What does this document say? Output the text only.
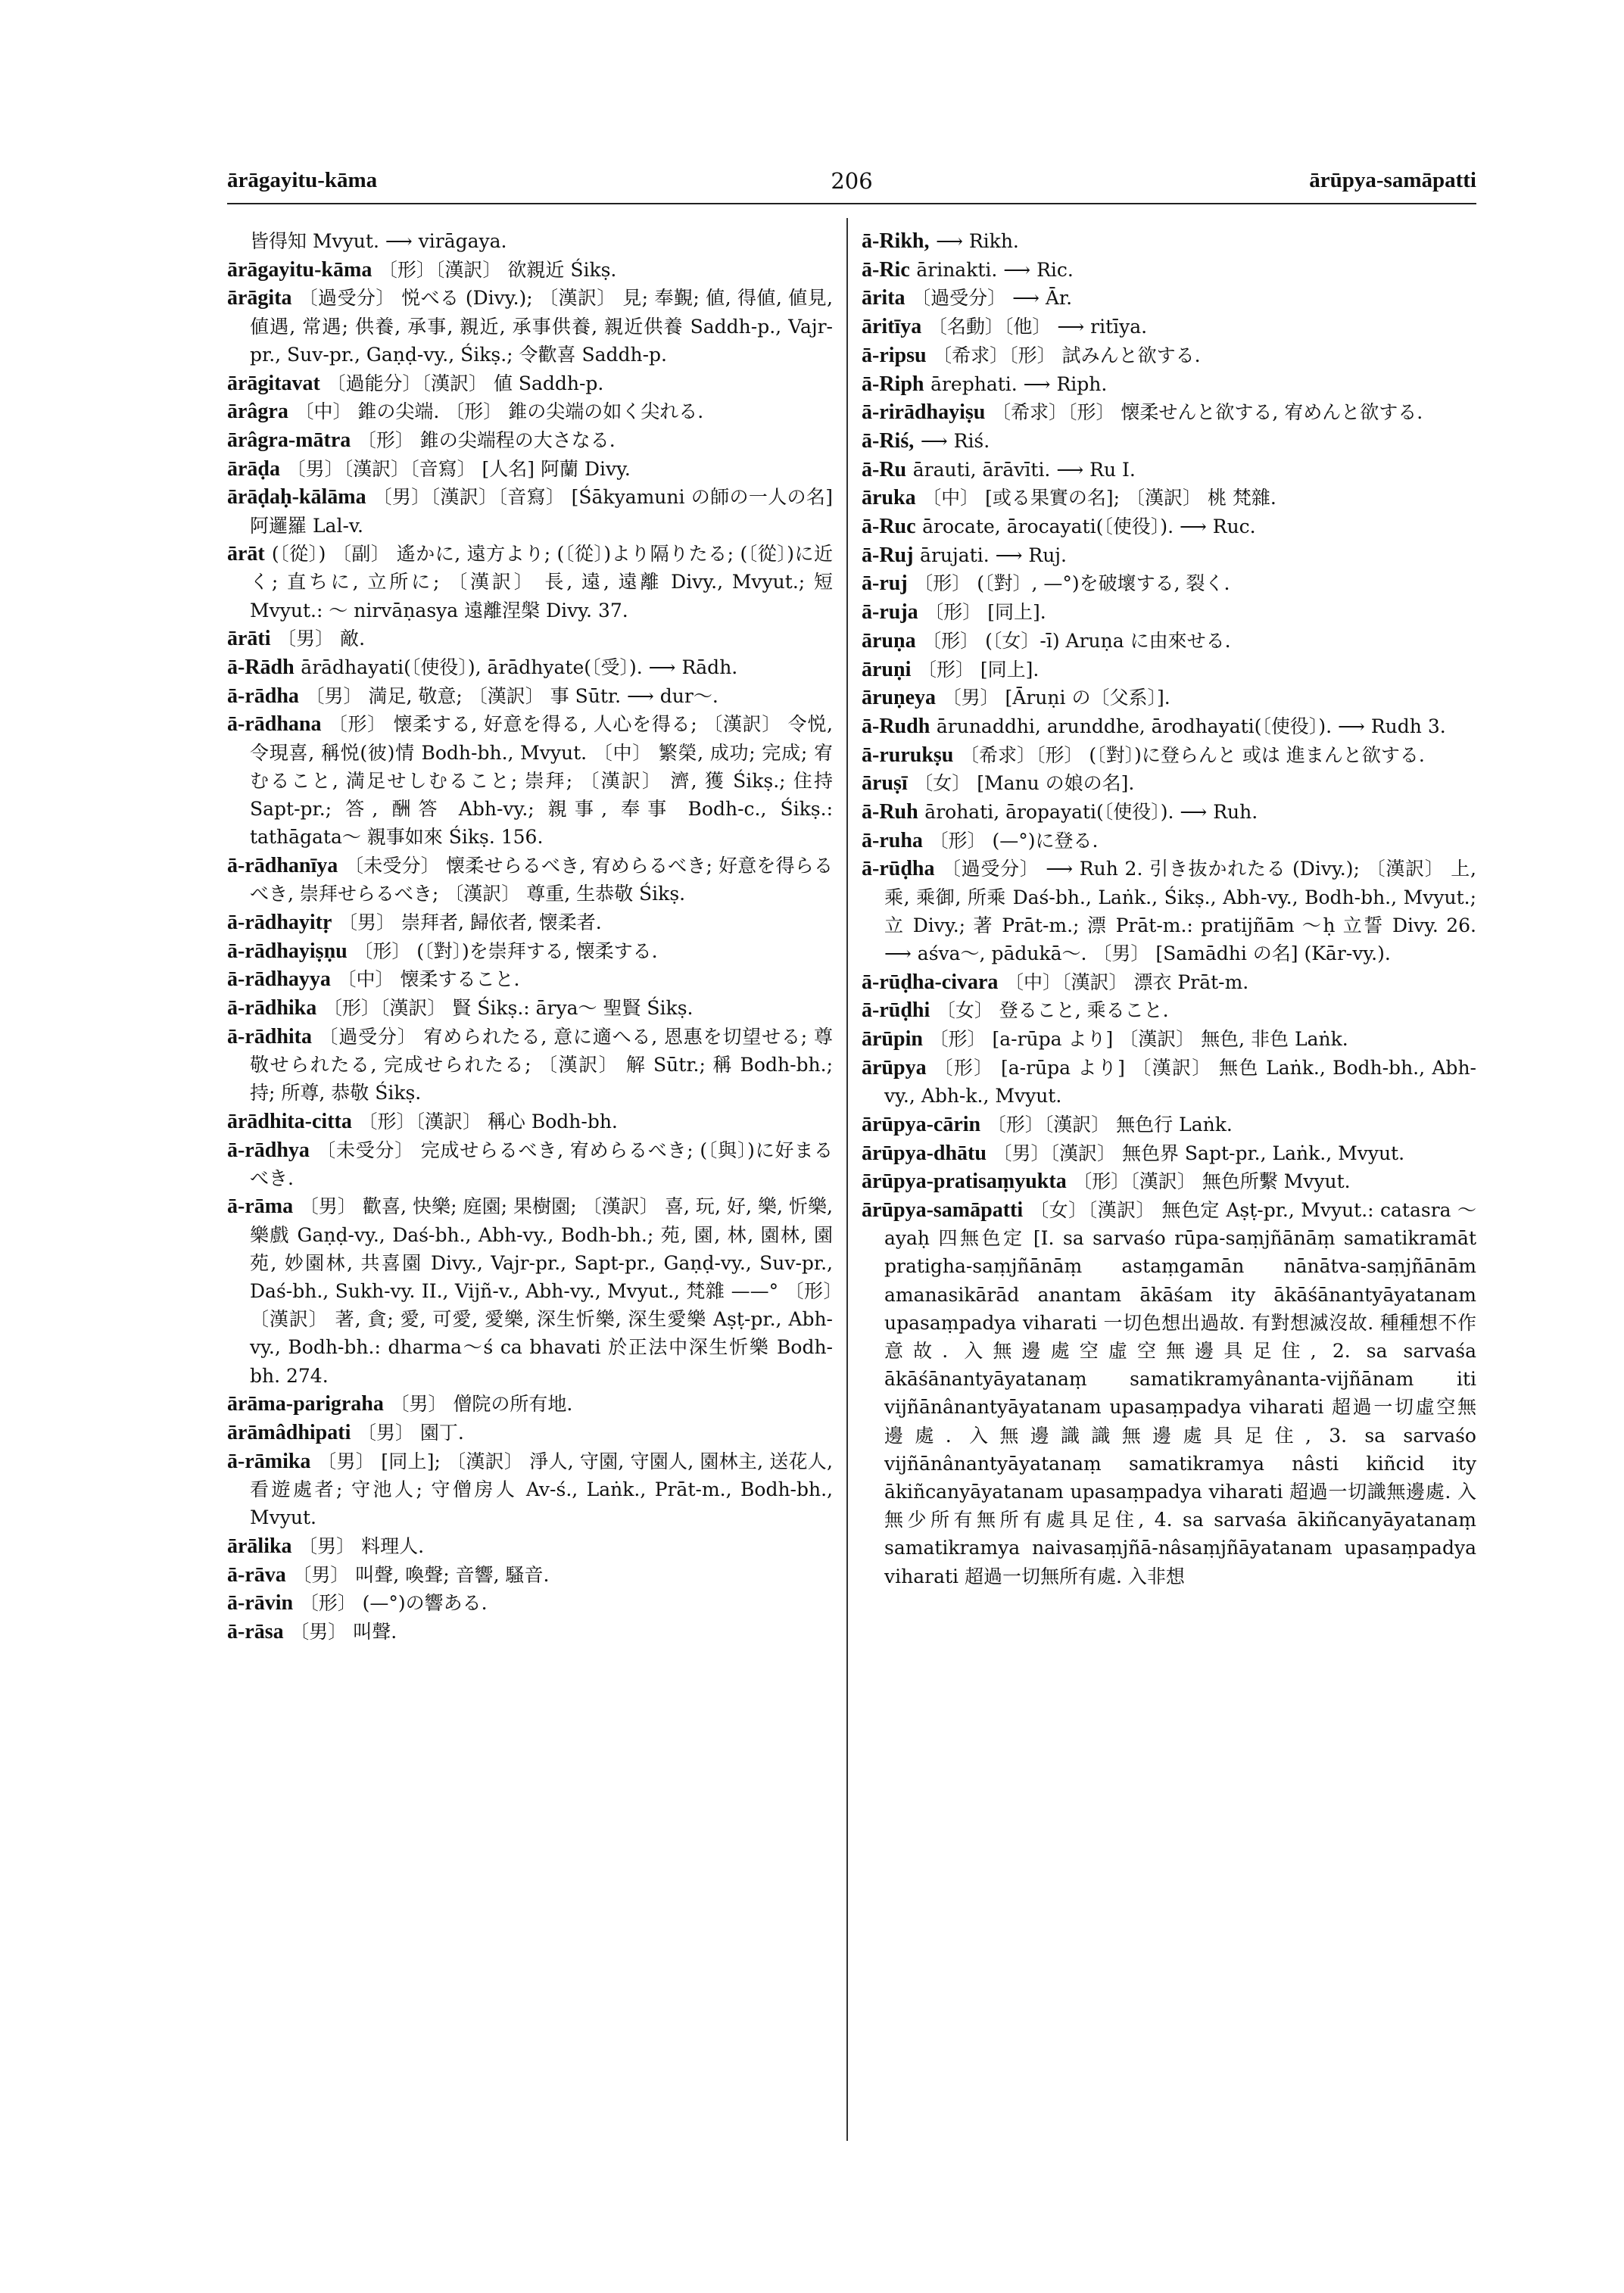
ārāgayitu-kāma	206	ārūpya-samāpatti
皆得知 Mvyut. ⟶ virāgaya.
ārāgayitu-kāma 〔形〕〔漢訳〕 欲親近 Śikṣ.
ārāgita 〔過受分〕 悦べる (Divy.); 〔漢訳〕 見; 奉覲; 値, 得値, 値見, 値遇, 常遇; 供養, 承事, 親近, 承事供養, 親近供養 Saddh-p., Vajr-pr., Suv-pr., Gaṇḍ-vy., Śikṣ.; 令歡喜 Saddh-p.
ārāgitavat 〔過能分〕〔漢訳〕 値 Saddh-p.
ārâgra 〔中〕 錐の尖端. 〔形〕 錐の尖端の如く尖れる.
ārâgra-mātra 〔形〕 錐の尖端程の大さなる.
ārāḍa 〔男〕〔漢訳〕〔音寫〕 [人名] 阿蘭 Divy.
ārāḍaḥ-kālāma 〔男〕〔漢訳〕〔音寫〕 [Śākyamuni の師の一人の名] 阿邏羅 Lal-v.
ārāt (〔從〕) 〔副〕 遙かに, 遠方より; (〔從〕)より隔りたる; (〔從〕)に近く; 直ちに, 立所に; 〔漢訳〕 長, 遠, 遠離 Divy., Mvyut.; 短 Mvyut.: 〜 nirvāṇasya 遠離涅槃 Divy. 37.
ārāti 〔男〕 敵.
ā-Rādh ārādhayati(〔使役〕), ārādhyate(〔受〕). ⟶ Rādh.
ā-rādha 〔男〕 満足, 敬意; 〔漢訳〕 事 Sūtr. ⟶ dur〜.
ā-rādhana 〔形〕 懐柔する, 好意を得る, 人心を得る; 〔漢訳〕 令悦, 令現喜, 稱悦(彼)情 Bodh-bh., Mvyut. 〔中〕 繁榮, 成功; 完成; 宥むること, 満足せしむること; 崇拜; 〔漢訳〕 濟, 獲 Śikṣ.; 住持 Sapt-pr.; 答, 酬答 Abh-vy.; 親事, 奉事 Bodh-c., Śikṣ.: tathāgata〜 親事如來 Śikṣ. 156.
ā-rādhanīya 〔未受分〕 懐柔せらるべき, 宥めらるべき; 好意を得らるべき, 崇拜せらるべき; 〔漢訳〕 尊重, 生恭敬 Śikṣ.
ā-rādhayitṛ 〔男〕 崇拜者, 歸依者, 懐柔者.
ā-rādhayiṣṇu 〔形〕 (〔對〕)を崇拜する, 懐柔する.
ā-rādhayya 〔中〕 懐柔すること.
ā-rādhika 〔形〕〔漢訳〕 賢 Śikṣ.: ārya〜 聖賢 Śikṣ.
ā-rādhita 〔過受分〕 宥められたる, 意に適へる, 恩惠を切望せる; 尊敬せられたる, 完成せられたる; 〔漢訳〕 解 Sūtr.; 稱 Bodh-bh.; 持; 所尊, 恭敬 Śikṣ.
ārādhita-citta 〔形〕〔漢訳〕 稱心 Bodh-bh.
ā-rādhya 〔未受分〕 完成せらるべき, 宥めらるべき; (〔與〕)に好まるべき.
ā-rāma 〔男〕 歡喜, 快樂; 庭園; 果樹園; 〔漢訳〕 喜, 玩, 好, 樂, 忻樂, 樂戲 Gaṇḍ-vy., Daś-bh., Abh-vy., Bodh-bh.; 苑, 園, 林, 園林, 園苑, 妙園林, 共喜園 Divy., Vajr-pr., Sapt-pr., Gaṇḍ-vy., Suv-pr., Daś-bh., Sukh-vy. II., Vijñ-v., Abh-vy., Mvyut., 梵雜 ——° 〔形〕〔漢訳〕 著, 貪; 愛, 可愛, 愛樂, 深生忻樂, 深生愛樂 Aṣṭ-pr., Abh-vy., Bodh-bh.: dharma〜ś ca bhavati 於正法中深生忻樂 Bodh-bh. 274.
ārāma-parigraha 〔男〕 僧院の所有地.
ārāmâdhipati 〔男〕 園丁.
ā-rāmika 〔男〕 [同上]; 〔漢訳〕 淨人, 守園, 守園人, 園林主, 送花人, 看遊處者; 守池人; 守僧房人 Av-ś., Laṅk., Prāt-m., Bodh-bh., Mvyut.
ārālika 〔男〕 料理人.
ā-rāva 〔男〕 叫聲, 喚聲; 音響, 騷音.
ā-rāvin 〔形〕 (—°)の響ある.
ā-rāsa 〔男〕 叫聲.
ā-Rikh, ⟶ Rikh.
ā-Ric ārinakti. ⟶ Ric.
ārita 〔過受分〕 ⟶ Ār.
āritīya 〔名動〕〔他〕 ⟶ ritīya.
ā-ripsu 〔希求〕〔形〕 試みんと欲する.
ā-Riph ārephati. ⟶ Riph.
ā-rirādhayiṣu 〔希求〕〔形〕 懐柔せんと欲する, 宥めんと欲する.
ā-Riś, ⟶ Riś.
ā-Ru ārauti, ārāvīti. ⟶ Ru I.
āruka 〔中〕 [或る果實の名]; 〔漢訳〕 桃 梵雜.
ā-Ruc ārocate, ārocayati(〔使役〕). ⟶ Ruc.
ā-Ruj ārujati. ⟶ Ruj.
ā-ruj 〔形〕 (〔對〕, —°)を破壞する, 裂く.
ā-ruja 〔形〕 [同上].
āruṇa 〔形〕 (〔女〕-ī) Aruṇa に由來せる.
āruṇi 〔形〕 [同上].
āruṇeya 〔男〕 [Āruṇi の〔父系〕].
ā-Rudh ārunaddhi, arunddhe, ārodhayati(〔使役〕). ⟶ Rudh 3.
ā-rurukṣu 〔希求〕〔形〕 (〔對〕)に登らんと 或は 進まんと欲する.
āruṣī 〔女〕 [Manu の娘の名].
ā-Ruh ārohati, āropayati(〔使役〕). ⟶ Ruh.
ā-ruha 〔形〕 (—°)に登る.
ā-rūḍha 〔過受分〕 ⟶ Ruh 2. 引き抜かれたる (Divy.); 〔漢訳〕 上, 乘, 乘御, 所乘 Daś-bh., Laṅk., Śikṣ., Abh-vy., Bodh-bh., Mvyut.; 立 Divy.; 著 Prāt-m.; 漂 Prāt-m.: pratijñām 〜ḥ 立誓 Divy. 26. ⟶ aśva〜, pādukā〜. 〔男〕 [Samādhi の名] (Kār-vy.).
ā-rūḍha-civara 〔中〕〔漢訳〕 漂衣 Prāt-m.
ā-rūḍhi 〔女〕 登ること, 乘ること.
ārūpin 〔形〕 [a-rūpa より] 〔漢訳〕 無色, 非色 Laṅk.
ārūpya 〔形〕 [a-rūpa より] 〔漢訳〕 無色 Laṅk., Bodh-bh., Abh-vy., Abh-k., Mvyut.
ārūpya-cārin 〔形〕〔漢訳〕 無色行 Laṅk.
ārūpya-dhātu 〔男〕〔漢訳〕 無色界 Sapt-pr., Laṅk., Mvyut.
ārūpya-pratisaṃyukta 〔形〕〔漢訳〕 無色所繫 Mvyut.
ārūpya-samāpatti 〔女〕〔漢訳〕 無色定 Aṣṭ-pr., Mvyut.: catasra 〜ayaḥ 四無色定 [I. sa sarvaśo rūpa-saṃjñānāṃ samatikramāt pratigha-saṃjñānāṃ astaṃgamān nānātva-saṃjñānām amanasikārād anantam ākāśam ity ākāśānantyāyatanam upasaṃpadya viharati 一切色想出過故. 有對想滅沒故. 種種想不作意故. 入無邊處空虛空無邊具足住, 2. sa sarvaśa ākāśānantyāyatanaṃ samatikramyânanta-vijñānam iti vijñānânantyāyatanam upasaṃpadya viharati 超過一切虛空無邊處. 入無邊識識無邊處具足住, 3. sa sarvaśo vijñānânantyāyatanaṃ samatikramya nâsti kiñcid ity ākiñcanyāyatanam upasaṃpadya viharati 超過一切識無邊處. 入無少所有無所有處具足住, 4. sa sarvaśa ākiñcanyāyatanaṃ samatikramya naivasaṃjñā-nâsaṃjñāyatanam upasaṃpadya viharati 超過一切無所有處. 入非想
